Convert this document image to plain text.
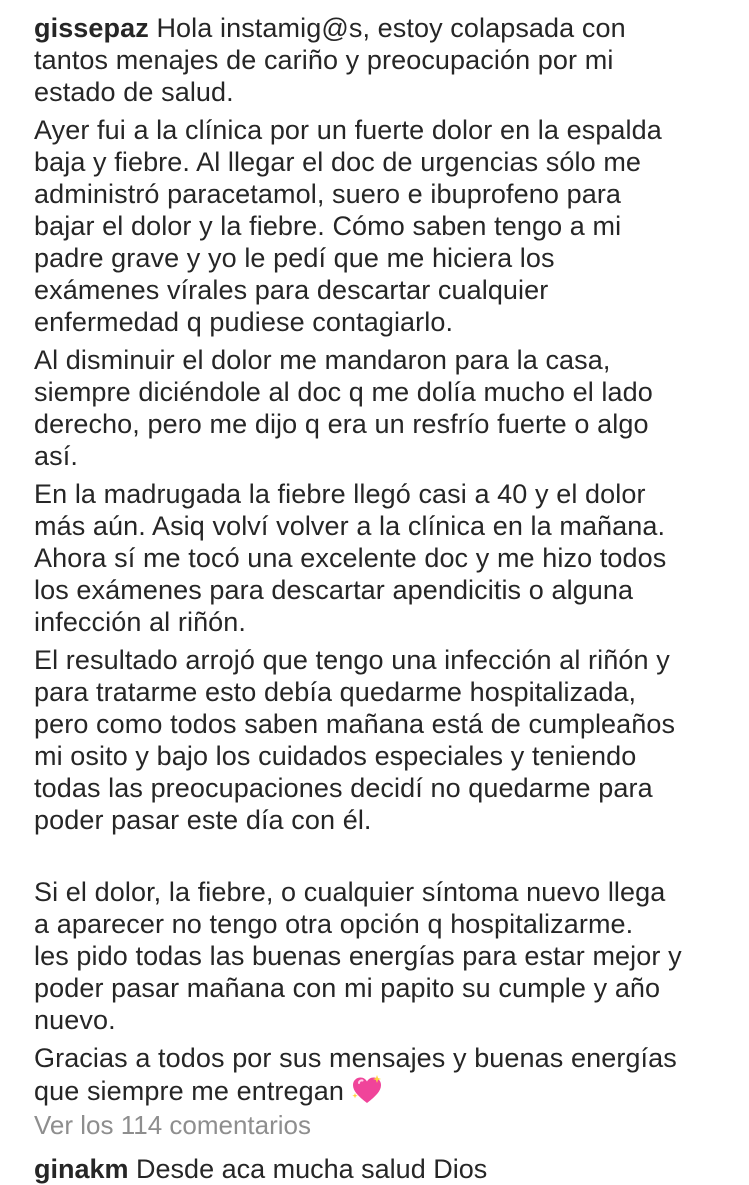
gissepaz Hola instamig@s, estoy colapsada con
tantos menajes de cariño y preocupación por mi
estado de salud.

Ayer fui a la clínica por un fuerte dolor en la espalda
baja y fiebre. Al llegar el doc de urgencias sólo me
administró paracetamol, suero e ibuprofeno para
bajar el dolor y la fiebre. Cómo saben tengo a mi
padre grave y yo le pedí que me hiciera los
exámenes vírales para descartar cualquier
enfermedad q pudiese contagiarlo.

Al disminuir el dolor me mandaron para la casa,
siempre diciéndole al doc q me dolía mucho el lado
derecho, pero me dijo q era un resfrío fuerte o algo
así.

En la madrugada la fiebre llegó casi a 40 y el dolor
más aún. Asiq volví volver a la clínica en la mañana.
Ahora sí me tocó una excelente doc y me hizo todos
los exámenes para descartar apendicitis o alguna
infección al riñón.

El resultado arrojó que tengo una infección al riñón y
para tratarme esto debía quedarme hospitalizada,
pero como todos saben mañana está de cumpleaños
mi osito y bajo los cuidados especiales y teniendo
todas las preocupaciones decidí no quedarme para
poder pasar este día con él.

Si el dolor, la fiebre, o cualquier síntoma nuevo llega
a aparecer no tengo otra opción q hospitalizarme.
les pido todas las buenas energías para estar mejor y
poder pasar mañana con mi papito su cumple y año
nuevo.

Gracias a todos por sus mensajes y buenas energías
que siempre me entregan

Ver los 114 comentarios
ginakm Desde aca mucha salud Dios
